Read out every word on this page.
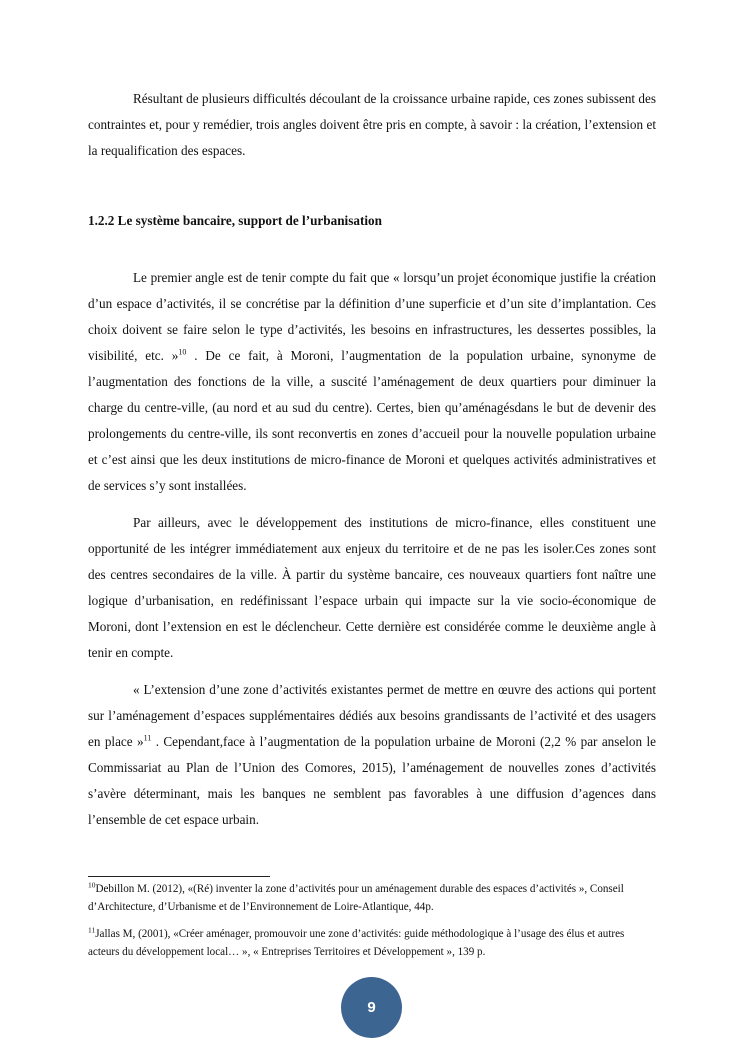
Résultant de plusieurs difficultés découlant de la croissance urbaine rapide, ces zones subissent des contraintes et, pour y remédier, trois angles doivent être pris en compte, à savoir : la création, l’extension et la requalification des espaces.

1.2.2 Le système bancaire, support de l’urbanisation

Le premier angle est de tenir compte du fait que « lorsqu’un projet économique justifie la création d’un espace d’activités, il se concrétise par la définition d’une superficie et d’un site d’implantation. Ces choix doivent se faire selon le type d’activités, les besoins en infrastructures, les dessertes possibles, la visibilité, etc. »$^{10}$ . De ce fait, à Moroni, l’augmentation de la population urbaine, synonyme de l’augmentation des fonctions de la ville, a suscité l’aménagement de deux quartiers pour diminuer la charge du centre-ville, (au nord et au sud du centre). Certes, bien qu’aménagésdans le but de devenir des prolongements du centre-ville, ils sont reconvertis en zones d’accueil pour la nouvelle population urbaine et c’est ainsi que les deux institutions de micro-finance de Moroni et quelques activités administratives et de services s’y sont installées.

Par ailleurs, avec le développement des institutions de micro-finance, elles constituent une opportunité de les intégrer immédiatement aux enjeux du territoire et de ne pas les isoler.Ces zones sont des centres secondaires de la ville. À partir du système bancaire, ces nouveaux quartiers font naître une logique d’urbanisation, en redéfinissant l’espace urbain qui impacte sur la vie socio-économique de Moroni, dont l’extension en est le déclencheur. Cette dernière est considérée comme le deuxième angle à tenir en compte.

« L’extension d’une zone d’activités existantes permet de mettre en œuvre des actions qui portent sur l’aménagement d’espaces supplémentaires dédiés aux besoins grandissants de l’activité et des usagers en place »$^{11}$ . Cependant,face à l’augmentation de la population urbaine de Moroni (2,2 % par anselon le Commissariat au Plan de l’Union des Comores, 2015), l’aménagement de nouvelles zones d’activités s’avère déterminant, mais les banques ne semblent pas favorables à une diffusion d’agences dans l’ensemble de cet espace urbain.

$^{10}$Debillon M. (2012), «(Ré) inventer la zone d’activités pour un aménagement durable des espaces d’activités », Conseil d’Architecture, d’Urbanisme et de l’Environnement de Loire-Atlantique, 44p.

$^{11}$Jallas M, (2001), «Créer aménager, promouvoir une zone d’activités: guide méthodologique à l’usage des élus et autres acteurs du développement local… », « Entreprises Territoires et Développement », 139 p.

9
